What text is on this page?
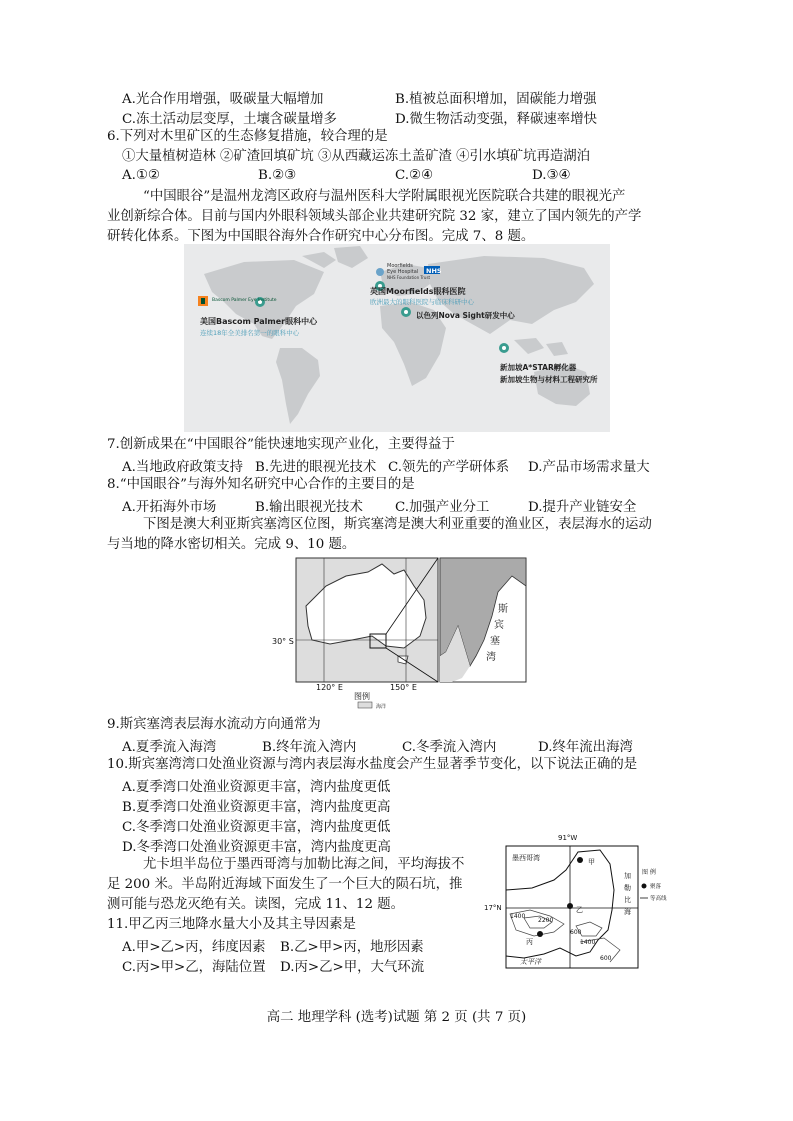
A.光合作用增强，吸碳量大幅增加	B.植被总面积增加，固碳能力增强
C.冻土活动层变厚，土壤含碳量增多	D.微生物活动变强，释碳速率增快
6.下列对木里矿区的生态修复措施，较合理的是
①大量植树造林 ②矿渣回填矿坑 ③从西藏运冻土盖矿渣 ④引水填矿坑再造湖泊
A.①②	B.②③	C.②④	D.③④
“中国眼谷”是温州龙湾区政府与温州医科大学附属眼视光医院联合共建的眼视光产
业创新综合体。目前与国内外眼科领域头部企业共建研究院 32 家，建立了国内领先的产学
研转化体系。下图为中国眼谷海外合作研究中心分布图。完成 7、8 题。
Bascom Palmer Eye Institute
Moorfields
Eye Hospital
NHS Foundation Trust
NHS
美国Bascom Palmer眼科中心
连续18年全美排名第一的眼科中心
英国Moorfields眼科医院
欧洲最大的眼科医院与临床科研中心
以色列Nova Sight研发中心
新加坡A*STAR孵化器
新加坡生物与材料工程研究所
7.创新成果在“中国眼谷”能快速地实现产业化，主要得益于
A.当地政府政策支持 B.先进的眼视光技术 C.领先的产学研体系 D.产品市场需求量大
8.“中国眼谷”与海外知名研究中心合作的主要目的是
A.开拓海外市场	B.输出眼视光技术 C.加强产业分工	D.提升产业链安全
下图是澳大利亚斯宾塞湾区位图，斯宾塞湾是澳大利亚重要的渔业区，表层海水的运动
与当地的降水密切相关。完成 9、10 题。
斯
宾
塞
湾
30° S
120° E	150° E
图例
海洋
9.斯宾塞湾表层海水流动方向通常为
A.夏季流入海湾	B.终年流入湾内	C.冬季流入湾内	D.终年流出海湾
10.斯宾塞湾湾口处渔业资源与湾内表层海水盐度会产生显著季节变化，以下说法正确的是
A.夏季湾口处渔业资源更丰富，湾内盐度更低
B.夏季湾口处渔业资源更丰富，湾内盐度更高
C.冬季湾口处渔业资源更丰富，湾内盐度更低
D.冬季湾口处渔业资源更丰富，湾内盐度更高
尤卡坦半岛位于墨西哥湾与加勒比海之间，平均海拔不
足 200 米。半岛附近海域下面发生了一个巨大的陨石坑，推
测可能与恐龙灭绝有关。读图，完成 11、12 题。
11.甲乙丙三地降水量大小及其主导因素是
A.甲>乙>丙，纬度因素 B.乙>甲>丙，地形因素
C.丙>甲>乙，海陆位置 D.丙>乙>甲，大气环流
91°W
墨西哥湾	甲
乙
丙
太平洋
加
勒
比
海
17°N
1400
2200
600
1400
600
图 例
聚落
等高线
高二 地理学科 (选考)试题 第 2 页 (共 7 页)
